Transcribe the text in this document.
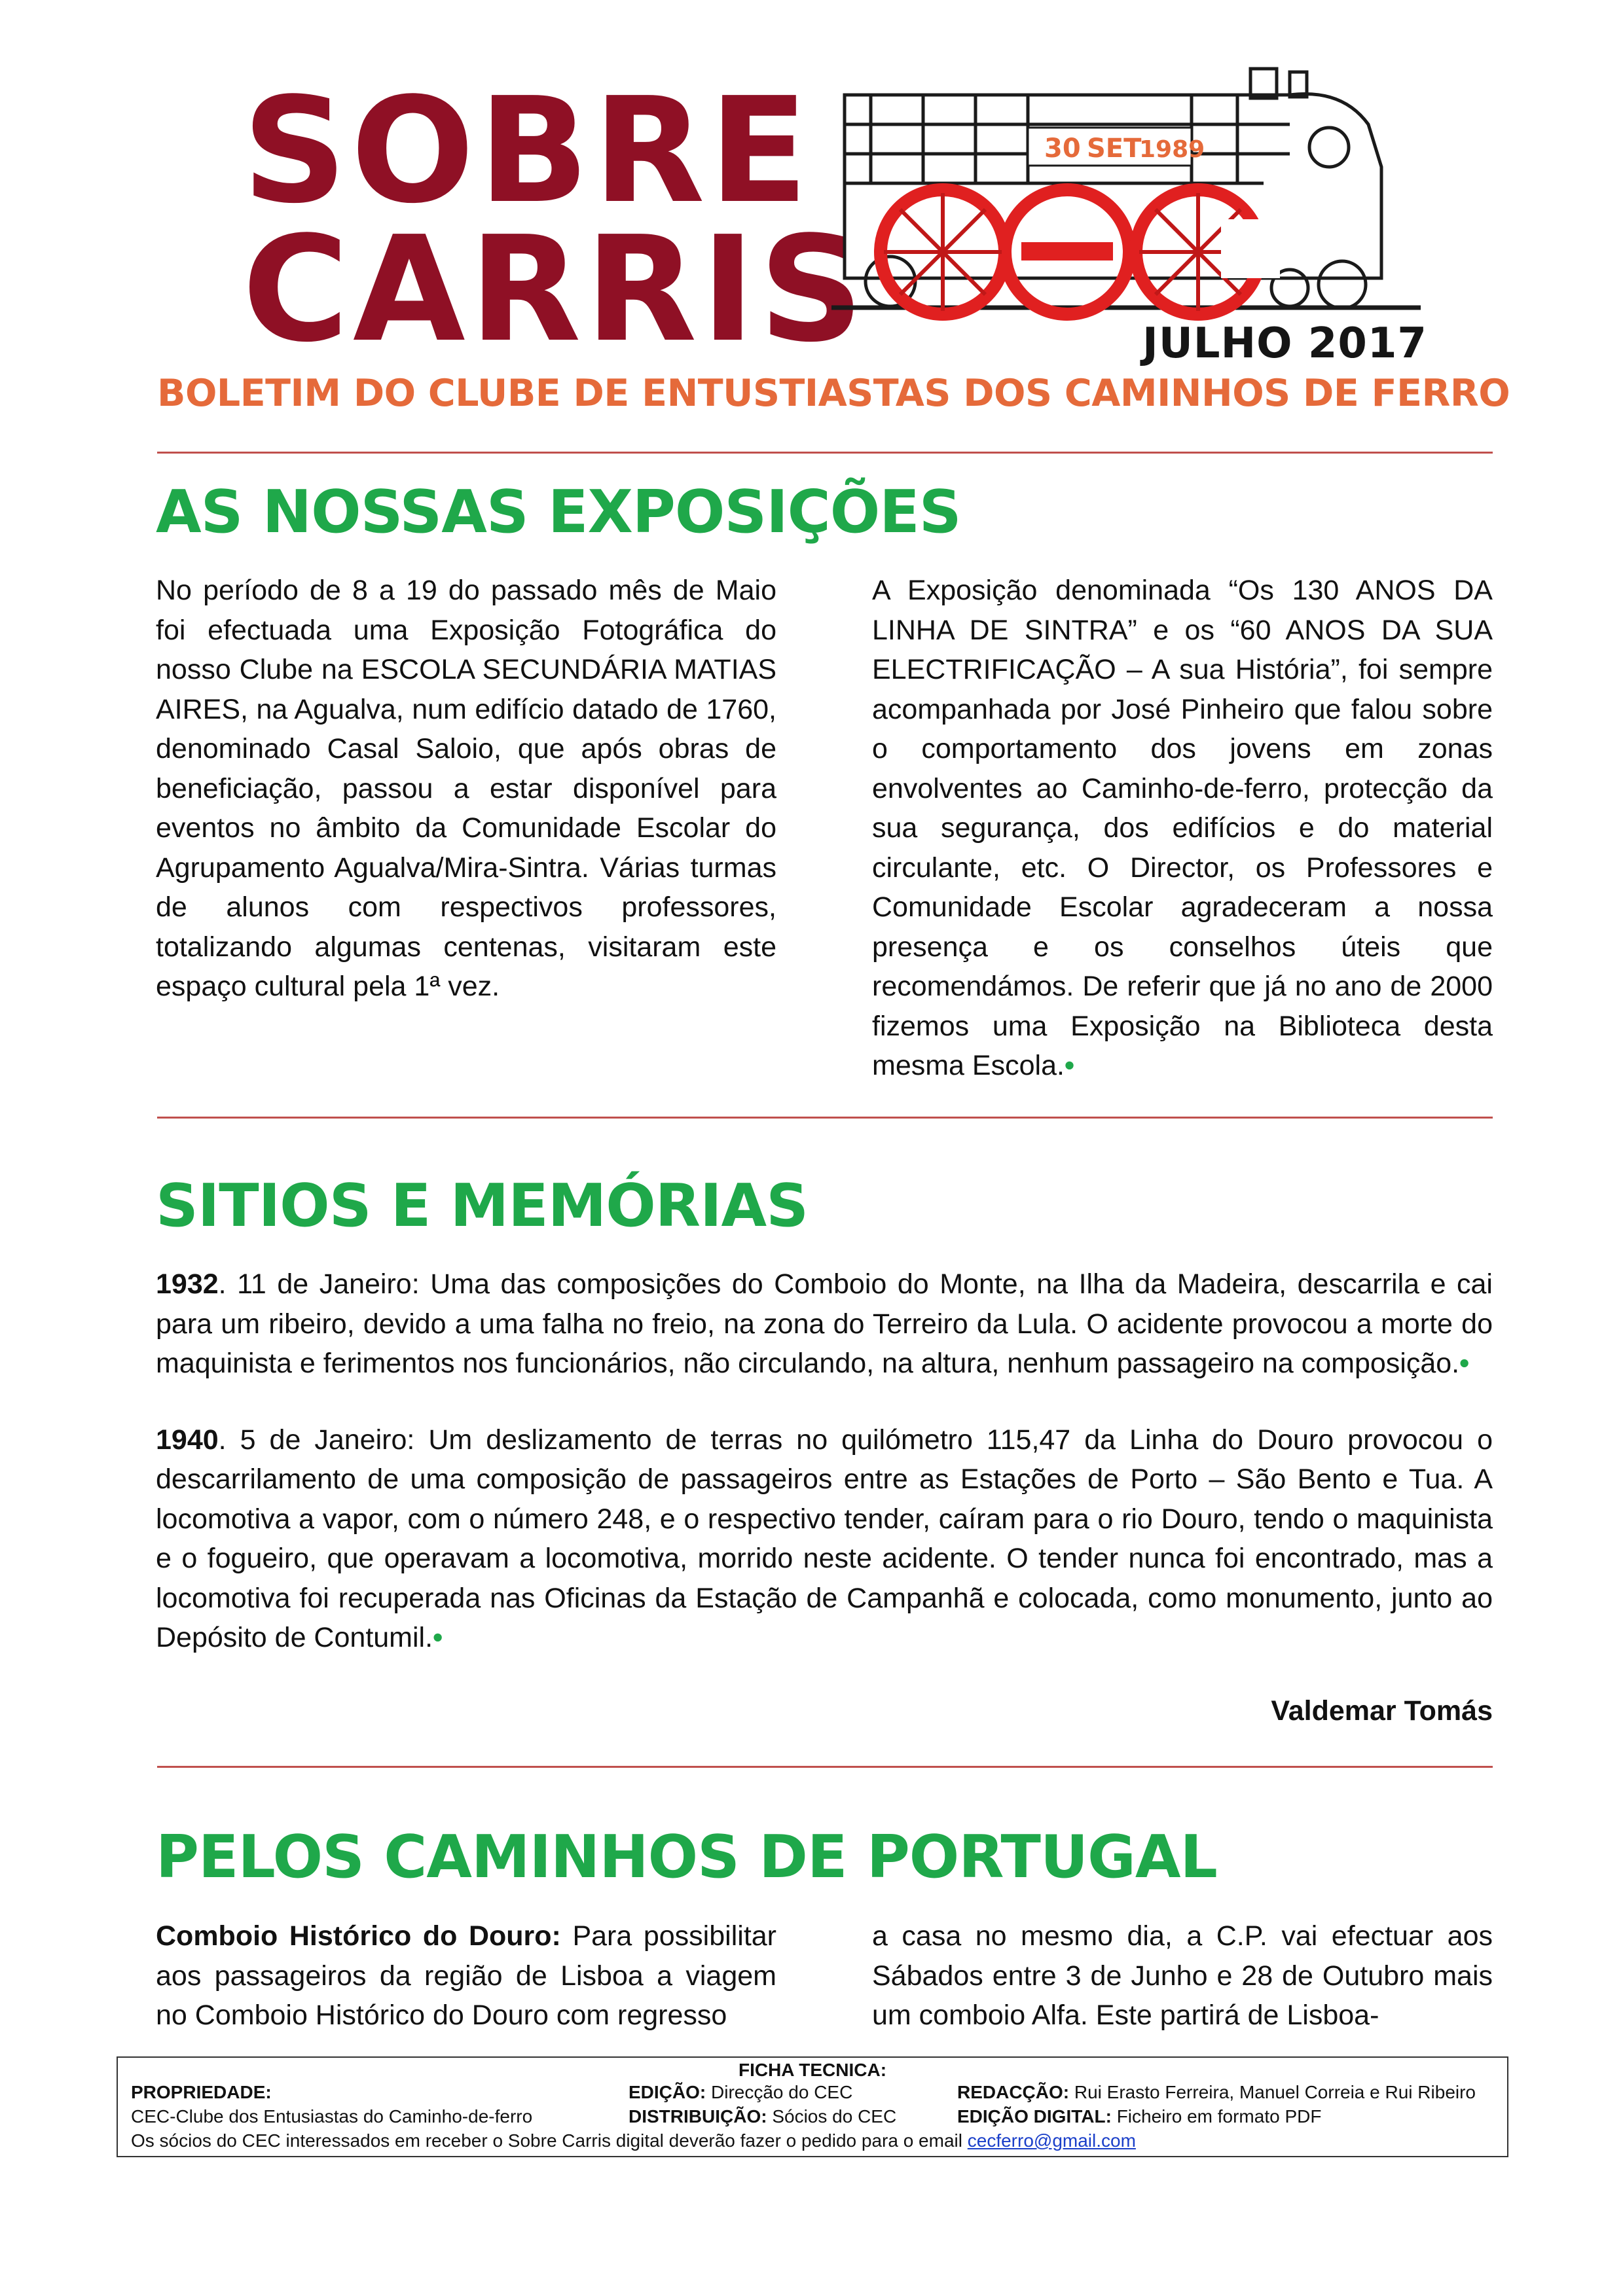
SOBRE
CARRIS
30 SET
1989
JULHO 2017
BOLETIM DO CLUBE DE ENTUSTIASTAS DOS CAMINHOS DE FERRO
AS NOSSAS EXPOSIÇÕES

No período de 8 a 19 do passado mês de Maio foi efectuada uma Exposição Fotográfica do nosso Clube na ESCOLA SECUNDÁRIA MATIAS AIRES, na Agualva, num edifício datado de 1760, denominado Casal Saloio, que após obras de beneficiação, passou a estar disponível para eventos no âmbito da Comunidade Escolar do Agrupamento Agualva/Mira-Sintra. Várias turmas de alunos com respectivos professores, totalizando algumas centenas, visitaram este espaço cultural pela 1ª vez.

A Exposição denominada “Os 130 ANOS DA LINHA DE SINTRA” e os “60 ANOS DA SUA ELECTRIFICAÇÃO – A sua História”, foi sempre acompanhada por José Pinheiro que falou sobre o comportamento dos jovens em zonas envolventes ao Caminho-de-ferro, protecção da sua segurança, dos edifícios e do material circulante, etc. O Director, os Professores e Comunidade Escolar agradeceram a nossa presença e os conselhos úteis que recomendámos. De referir que já no ano de 2000 fizemos uma Exposição na Biblioteca desta mesma Escola.•

SITIOS E MEMÓRIAS

1932. 11 de Janeiro: Uma das composições do Comboio do Monte, na Ilha da Madeira, descarrila e cai para um ribeiro, devido a uma falha no freio, na zona do Terreiro da Lula. O acidente provocou a morte do maquinista e ferimentos nos funcionários, não circulando, na altura, nenhum passageiro na composição.•

1940. 5 de Janeiro: Um deslizamento de terras no quilómetro 115,47 da Linha do Douro provocou o descarrilamento de uma composição de passageiros entre as Estações de Porto – São Bento e Tua. A locomotiva a vapor, com o número 248, e o respectivo tender, caíram para o rio Douro, tendo o maquinista e o fogueiro, que operavam a locomotiva, morrido neste acidente. O tender nunca foi encontrado, mas a locomotiva foi recuperada nas Oficinas da Estação de Campanhã e colocada, como monumento, junto ao Depósito de Contumil.•

Valdemar Tomás
PELOS CAMINHOS DE PORTUGAL

Comboio Histórico do Douro: Para possibilitar aos passageiros da região de Lisboa a viagem no Comboio Histórico do Douro com regresso

a casa no mesmo dia, a C.P. vai efectuar aos Sábados entre 3 de Junho e 28 de Outubro mais um comboio Alfa. Este partirá de Lisboa-

FICHA TECNICA:
PROPRIEDADE:
CEC-Clube dos Entusiastas do Caminho-de-ferro
EDIÇÃO: Direcção do CEC
DISTRIBUIÇÃO: Sócios do CEC
REDACÇÃO: Rui Erasto Ferreira, Manuel Correia e Rui Ribeiro
EDIÇÃO DIGITAL: Ficheiro em formato PDF
Os sócios do CEC interessados em receber o Sobre Carris digital deverão fazer o pedido para o email cecferro@gmail.com
